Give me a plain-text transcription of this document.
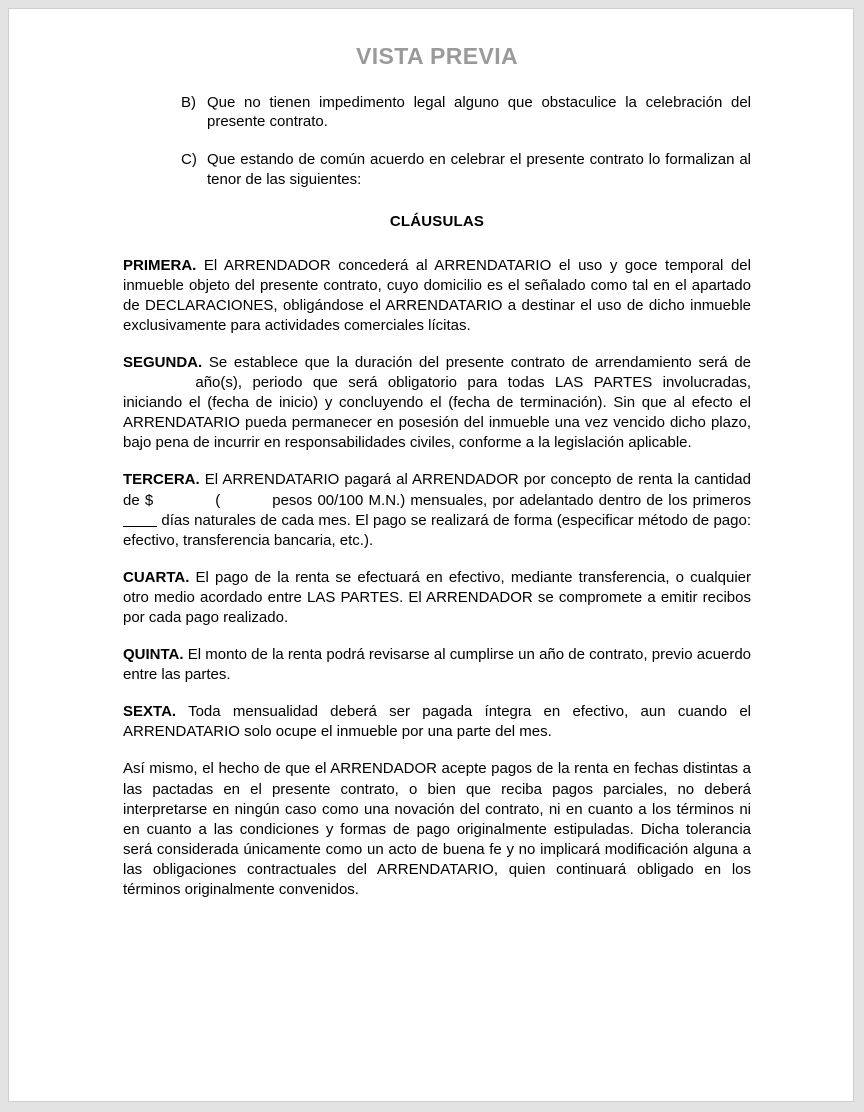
VISTA PREVIA
B) Que no tienen impedimento legal alguno que obstaculice la celebración del presente contrato.
C) Que estando de común acuerdo en celebrar el presente contrato lo formalizan al tenor de las siguientes:
CLÁUSULAS

PRIMERA. El ARRENDADOR concederá al ARRENDATARIO el uso y goce temporal del inmueble objeto del presente contrato, cuyo domicilio es el señalado como tal en el apartado de DECLARACIONES, obligándose el ARRENDATARIO a destinar el uso de dicho inmueble exclusivamente para actividades comerciales lícitas.

SEGUNDA. Se establece que la duración del presente contrato de arrendamiento será de  año(s), periodo que será obligatorio para todas LAS PARTES involucradas, iniciando el (fecha de inicio) y concluyendo el (fecha de terminación). Sin que al efecto el ARRENDATARIO pueda permanecer en posesión del inmueble una vez vencido dicho plazo, bajo pena de incurrir en responsabilidades civiles, conforme a la legislación aplicable.

TERCERA. El ARRENDATARIO pagará al ARRENDADOR por concepto de renta la cantidad de $	(	pesos 00/100 M.N.) mensuales, por adelantado dentro de los primeros  días naturales de cada mes. El pago se realizará de forma (especificar método de pago: efectivo, transferencia bancaria, etc.).

CUARTA. El pago de la renta se efectuará en efectivo, mediante transferencia, o cualquier otro medio acordado entre LAS PARTES. El ARRENDADOR se compromete a emitir recibos por cada pago realizado.

QUINTA. El monto de la renta podrá revisarse al cumplirse un año de contrato, previo acuerdo entre las partes.

SEXTA. Toda mensualidad deberá ser pagada íntegra en efectivo, aun cuando el ARRENDATARIO solo ocupe el inmueble por una parte del mes.

Así mismo, el hecho de que el ARRENDADOR acepte pagos de la renta en fechas distintas a las pactadas en el presente contrato, o bien que reciba pagos parciales, no deberá interpretarse en ningún caso como una novación del contrato, ni en cuanto a los términos ni en cuanto a las condiciones y formas de pago originalmente estipuladas. Dicha tolerancia será considerada únicamente como un acto de buena fe y no implicará modificación alguna a las obligaciones contractuales del ARRENDATARIO, quien continuará obligado en los términos originalmente convenidos.
